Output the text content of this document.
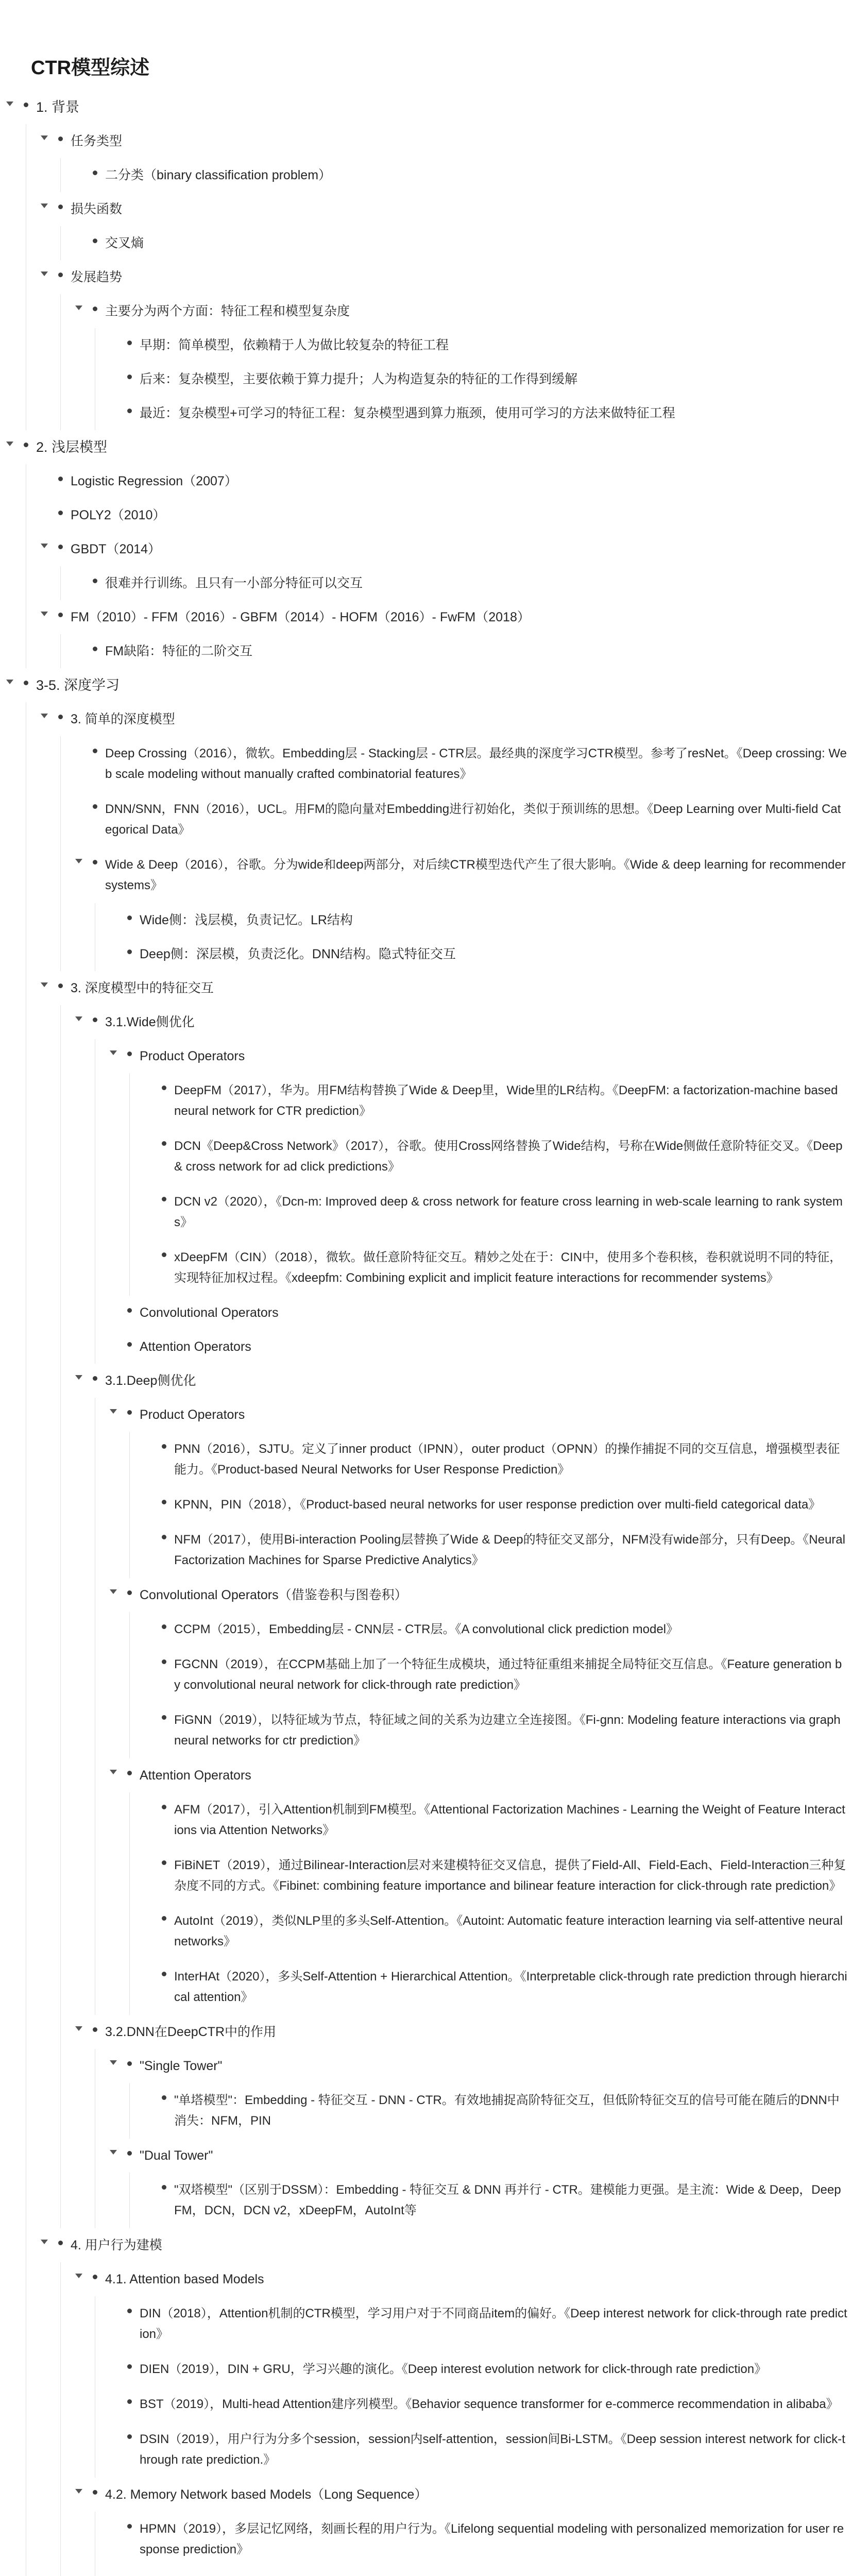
CTR模型综述
1. 背景
任务类型
二分类（binary classification problem）
损失函数
交叉熵
发展趋势
主要分为两个方面：特征工程和模型复杂度
早期：简单模型，依赖精于人为做比较复杂的特征工程
后来：复杂模型，主要依赖于算力提升；人为构造复杂的特征的工作得到缓解
最近：复杂模型+可学习的特征工程：复杂模型遇到算力瓶颈，使用可学习的方法来做特征工程
2. 浅层模型
Logistic Regression（2007）
POLY2（2010）
GBDT（2014）
很难并行训练。且只有一小部分特征可以交互
FM（2010）- FFM（2016）- GBFM（2014）- HOFM（2016）- FwFM（2018）
FM缺陷：特征的二阶交互
3-5. 深度学习
3. 简单的深度模型
Deep Crossing（2016），微软。Embedding层 - Stacking层 - CTR层。最经典的深度学习CTR模型。参考了resNet。《Deep crossing: Web scale modeling without manually crafted combinatorial features》
DNN/SNN，FNN（2016），UCL。用FM的隐向量对Embedding进行初始化，类似于预训练的思想。《Deep Learning over Multi-field Categorical Data》
Wide & Deep（2016），谷歌。分为wide和deep两部分，对后续CTR模型迭代产生了很大影响。《Wide & deep learning for recommender systems》
Wide侧：浅层模，负责记忆。LR结构
Deep侧：深层模，负责泛化。DNN结构。隐式特征交互
3. 深度模型中的特征交互
3.1.Wide侧优化
Product Operators
DeepFM（2017），华为。用FM结构替换了Wide & Deep里，Wide里的LR结构。《DeepFM: a factorization-machine based neural network for CTR prediction》
DCN《Deep&Cross Network》（2017），谷歌。使用Cross网络替换了Wide结构，号称在Wide侧做任意阶特征交叉。《Deep & cross network for ad click predictions》
DCN v2（2020），《Dcn-m: Improved deep & cross network for feature cross learning in web-scale learning to rank systems》
xDeepFM（CIN）（2018），微软。做任意阶特征交互。精妙之处在于：CIN中，使用多个卷积核，卷积就说明不同的特征，实现特征加权过程。《xdeepfm: Combining explicit and implicit feature interactions for recommender systems》
Convolutional Operators
Attention Operators
3.1.Deep侧优化
Product Operators
PNN（2016），SJTU。定义了inner product（IPNN），outer product（OPNN）的操作捕捉不同的交互信息，增强模型表征能力。《Product-based Neural Networks for User Response Prediction》
KPNN，PIN（2018），《Product-based neural networks for user response prediction over multi-field categorical data》
NFM（2017），使用Bi-interaction Pooling层替换了Wide & Deep的特征交叉部分，NFM没有wide部分，只有Deep。《Neural Factorization Machines for Sparse Predictive Analytics》
Convolutional Operators（借鉴卷积与图卷积）
CCPM（2015），Embedding层 - CNN层 - CTR层。《A convolutional click prediction model》
FGCNN（2019），在CCPM基础上加了一个特征生成模块，通过特征重组来捕捉全局特征交互信息。《Feature generation by convolutional neural network for click-through rate prediction》
FiGNN（2019），以特征域为节点，特征域之间的关系为边建立全连接图。《Fi-gnn: Modeling feature interactions via graph neural networks for ctr prediction》
Attention Operators
AFM（2017），引入Attention机制到FM模型。《Attentional Factorization Machines - Learning the Weight of Feature Interactions via Attention Networks》
FiBiNET（2019），通过Bilinear-Interaction层对来建模特征交叉信息，提供了Field-All、Field-Each、Field-Interaction三种复杂度不同的方式。《Fibinet: combining feature importance and bilinear feature interaction for click-through rate prediction》
AutoInt（2019），类似NLP里的多头Self-Attention。《Autoint: Automatic feature interaction learning via self-attentive neural networks》
InterHAt（2020），多头Self-Attention + Hierarchical Attention。《Interpretable click-through rate prediction through hierarchical attention》
3.2.DNN在DeepCTR中的作用
"Single Tower"
"单塔模型"：Embedding - 特征交互 - DNN - CTR。有效地捕捉高阶特征交互，但低阶特征交互的信号可能在随后的DNN中消失：NFM，PIN
"Dual Tower"
"双塔模型"（区别于DSSM）：Embedding - 特征交互 & DNN 再并行 - CTR。建模能力更强。是主流：Wide & Deep，DeepFM，DCN，DCN v2，xDeepFM，AutoInt等
4. 用户行为建模
4.1. Attention based Models
DIN（2018），Attention机制的CTR模型，学习用户对于不同商品item的偏好。《Deep interest network for click-through rate prediction》
DIEN（2019），DIN + GRU，学习兴趣的演化。《Deep interest evolution network for click-through rate prediction》
BST（2019），Multi-head Attention建序列模型。《Behavior sequence transformer for e-commerce recommendation in alibaba》
DSIN（2019），用户行为分多个session，session内self-attention，session间Bi-LSTM。《Deep session interest network for click-through rate prediction.》
4.2. Memory Network based Models（Long Sequence）
HPMN（2019），多层记忆网络，刻画长程的用户行为。《Lifelong sequential modeling with personalized memorization for user response prediction》
